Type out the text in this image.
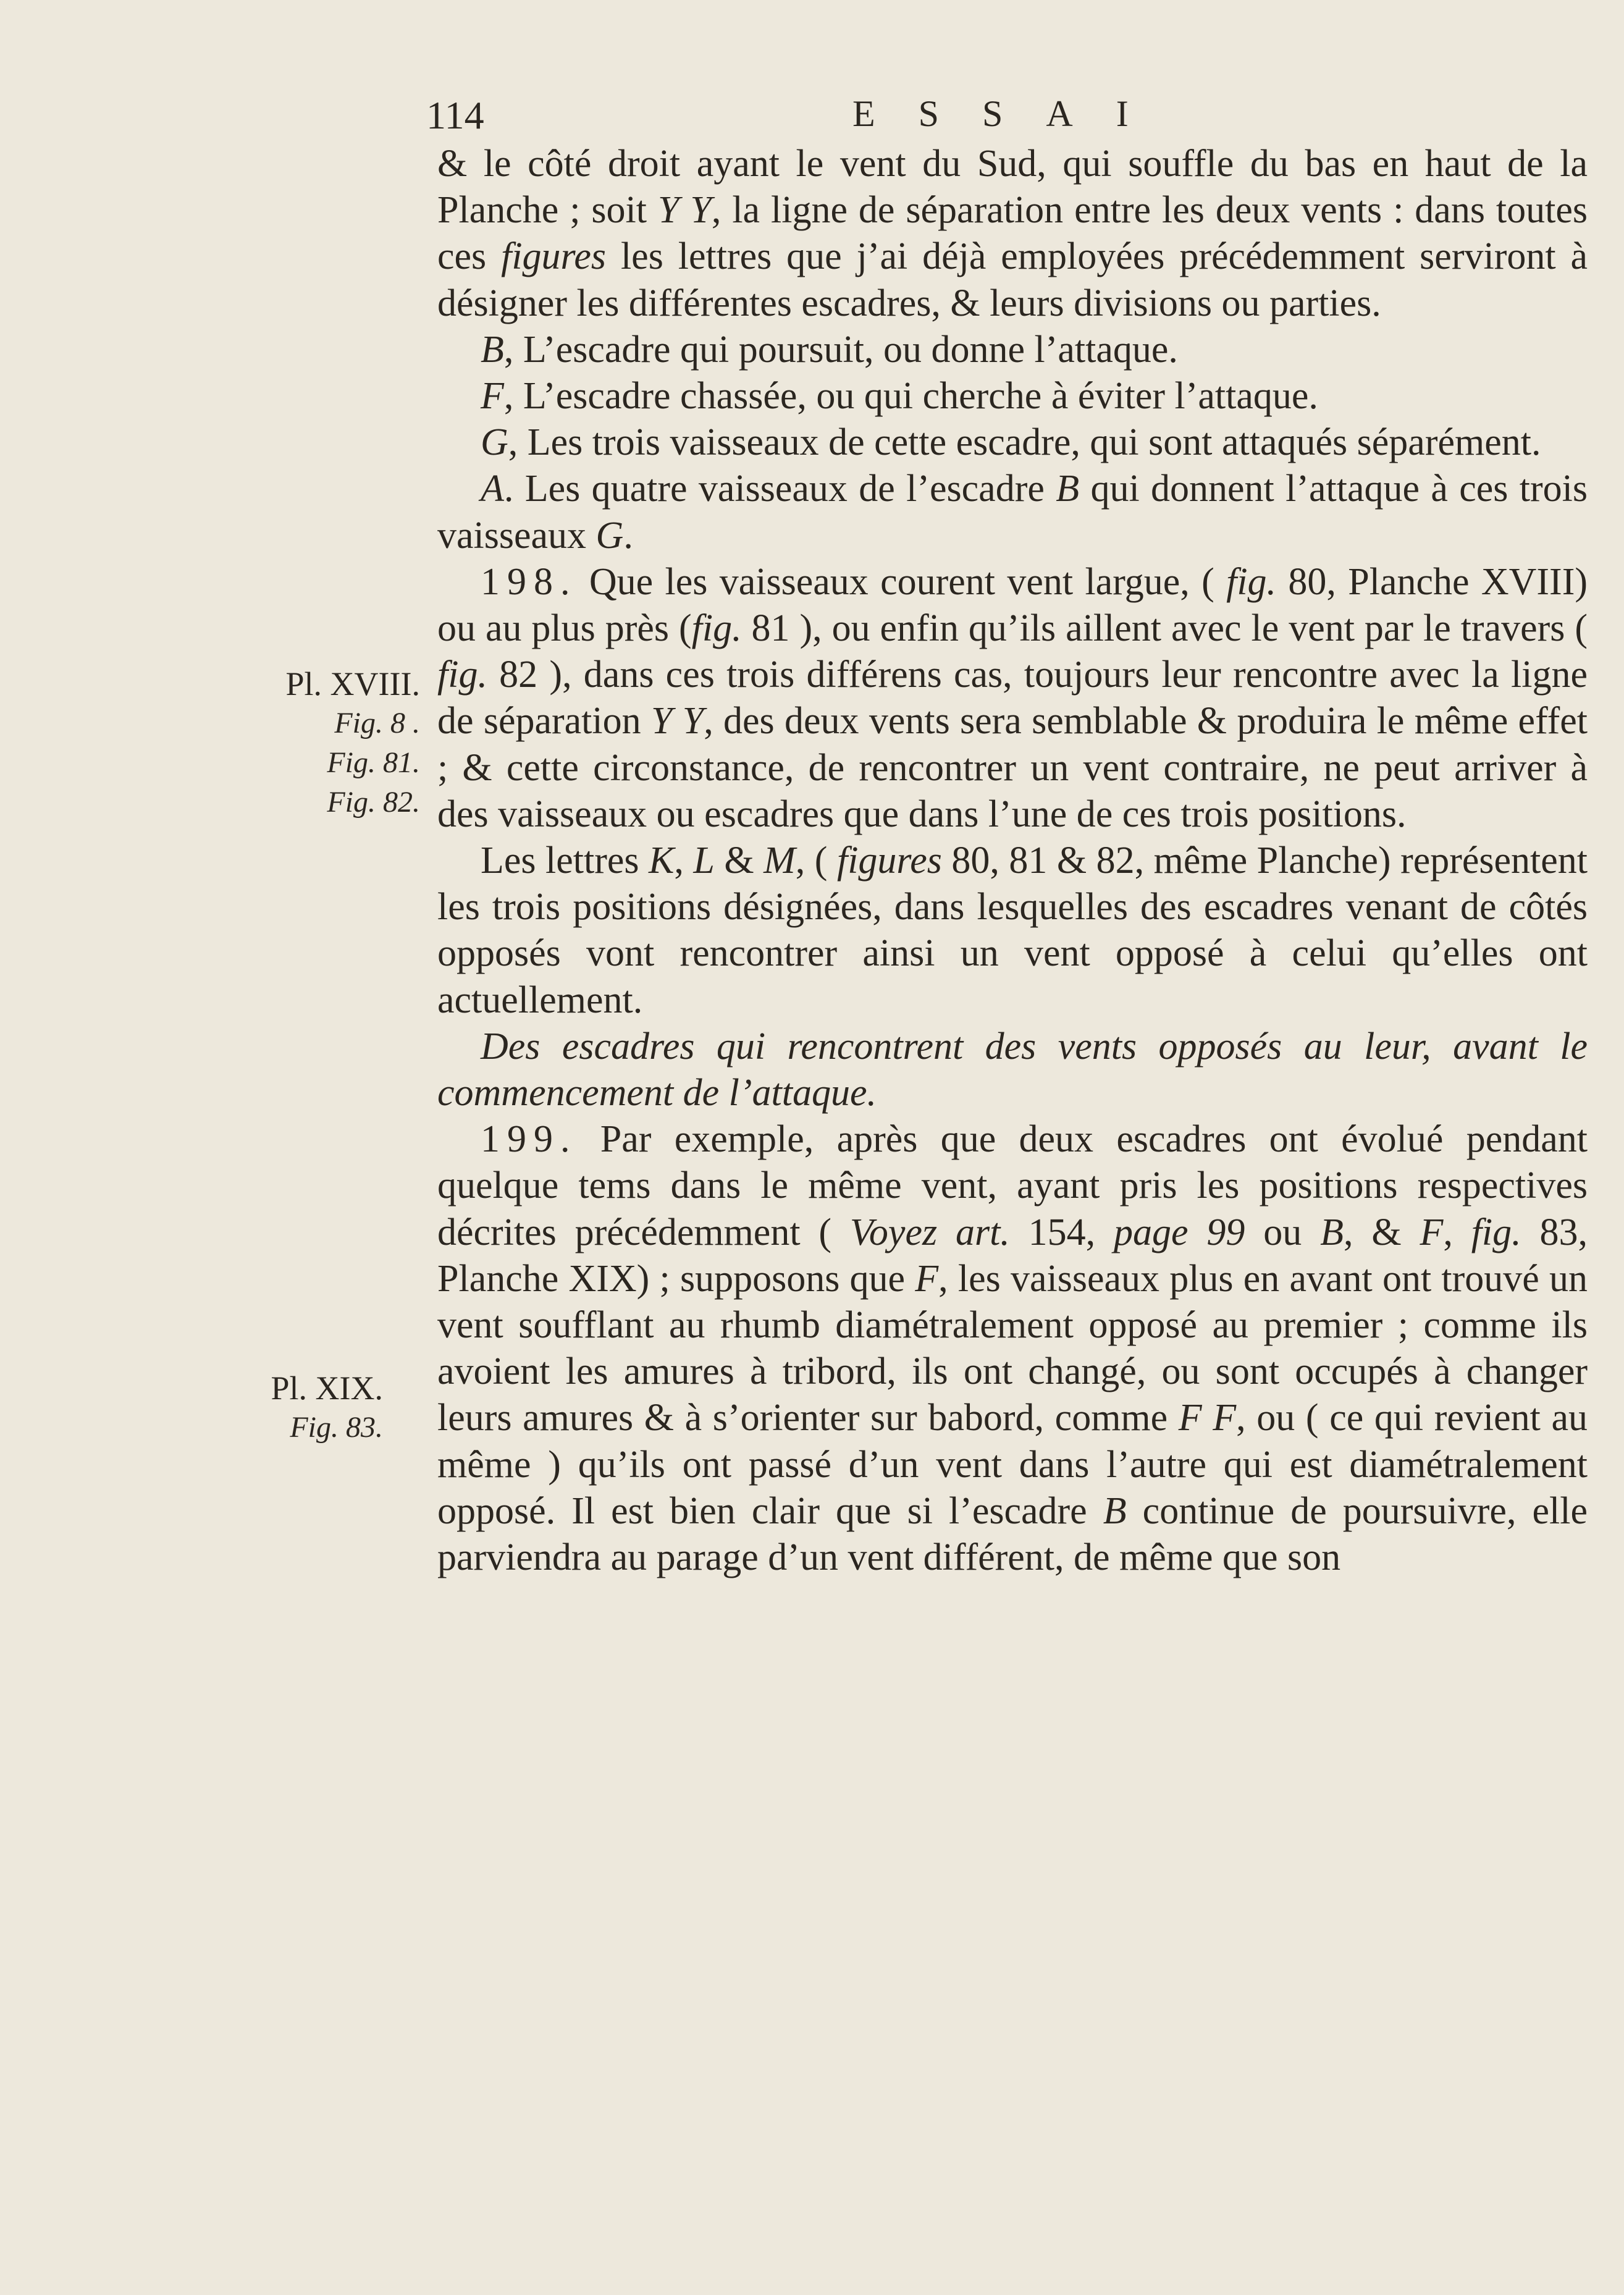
114	ESSAI
Pl. XVIII.
Fig. 8 .
Fig. 81.
Fig. 82.
Pl. XIX.
Fig. 83.

& le côté droit ayant le vent du Sud, qui souffle du bas en haut de la Planche ; soit Y Y, la ligne de séparation entre les deux vents : dans toutes ces figures les lettres que j’ai déjà employées précédemment serviront à désigner les différentes escadres, & leurs divisions ou parties.

B, L’escadre qui poursuit, ou donne l’attaque.

F, L’escadre chassée, ou qui cherche à éviter l’attaque.

G, Les trois vaisseaux de cette escadre, qui sont attaqués séparément.

A. Les quatre vaisseaux de l’escadre B qui donnent l’attaque à ces trois vaisseaux G.

198. Que les vaisseaux courent vent largue, ( fig. 80, Planche XVIII) ou au plus près (fig. 81 ), ou enfin qu’ils aillent avec le vent par le travers ( fig. 82 ), dans ces trois différens cas, toujours leur rencontre avec la ligne de séparation Y Y, des deux vents sera semblable & produira le même effet ; & cette circonstance, de rencontrer un vent contraire, ne peut arriver à des vaisseaux ou escadres que dans l’une de ces trois positions.

Les lettres K, L & M, ( figures 80, 81 & 82, même Planche) représentent les trois positions désignées, dans lesquelles des escadres venant de côtés opposés vont rencontrer ainsi un vent opposé à celui qu’elles ont actuellement.

Des escadres qui rencontrent des vents opposés au leur, avant le commencement de l’attaque.

199. Par exemple, après que deux escadres ont évolué pendant quelque tems dans le même vent, ayant pris les positions respectives décrites précédemment ( Voyez art. 154, page 99 ou B, & F, fig. 83, Planche XIX) ; supposons que F, les vaisseaux plus en avant ont trouvé un vent soufflant au rhumb diamétralement opposé au premier ; comme ils avoient les amures à tribord, ils ont changé, ou sont occupés à changer leurs amures & à s’orienter sur babord, comme F F, ou ( ce qui revient au même ) qu’ils ont passé d’un vent dans l’autre qui est diamétralement opposé. Il est bien clair que si l’escadre B continue de poursuivre, elle parviendra au parage d’un vent différent, de même que son
